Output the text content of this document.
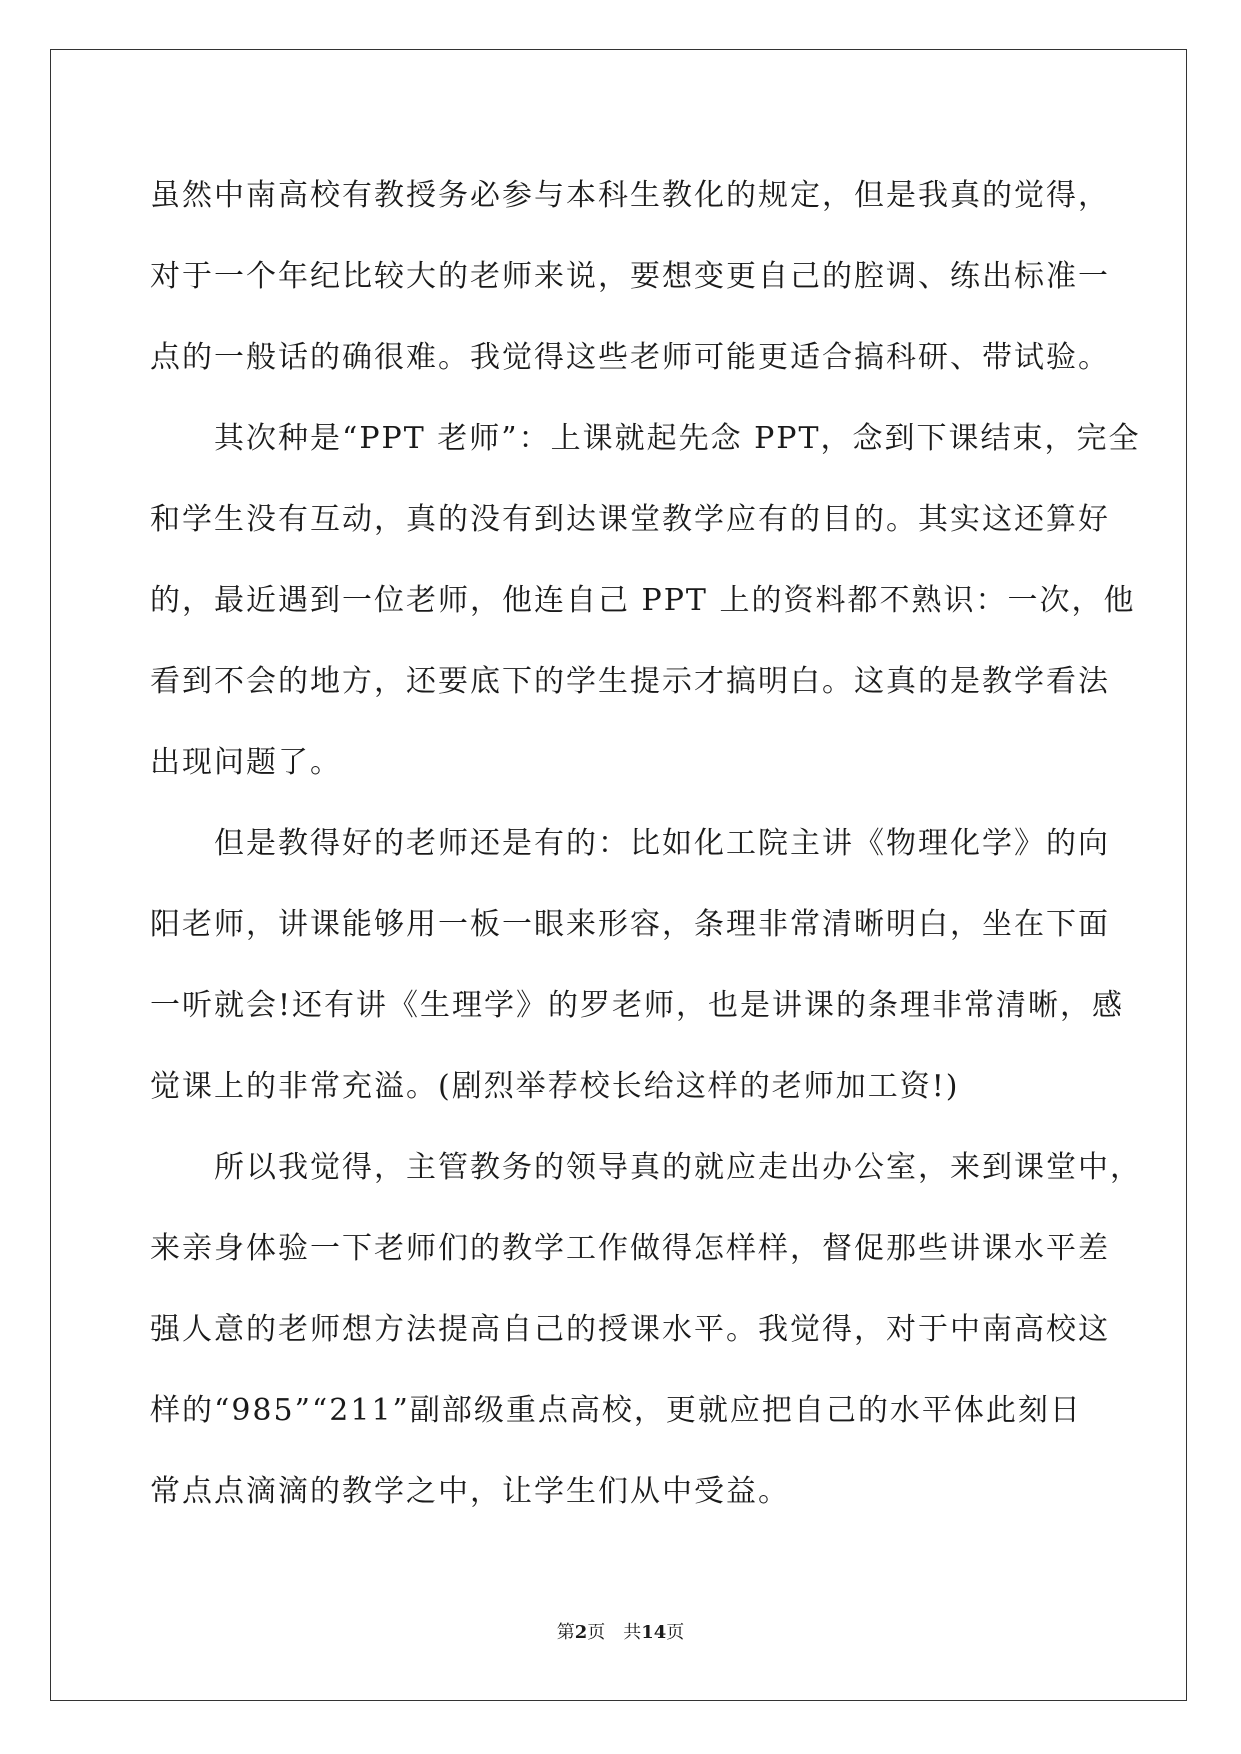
虽然中南高校有教授务必参与本科生教化的规定，但是我真的觉得，
对于一个年纪比较大的老师来说，要想变更自己的腔调、练出标准一
点的一般话的确很难。我觉得这些老师可能更适合搞科研、带试验。
其次种是“PPT 老师”：上课就起先念 PPT，念到下课结束，完全
和学生没有互动，真的没有到达课堂教学应有的目的。其实这还算好
的，最近遇到一位老师，他连自己 PPT 上的资料都不熟识：一次，他
看到不会的地方，还要底下的学生提示才搞明白。这真的是教学看法
出现问题了。
但是教得好的老师还是有的：比如化工院主讲《物理化学》的向
阳老师，讲课能够用一板一眼来形容，条理非常清晰明白，坐在下面
一听就会!还有讲《生理学》的罗老师，也是讲课的条理非常清晰，感
觉课上的非常充溢。(剧烈举荐校长给这样的老师加工资!)
所以我觉得，主管教务的领导真的就应走出办公室，来到课堂中，
来亲身体验一下老师们的教学工作做得怎样样，督促那些讲课水平差
强人意的老师想方法提高自己的授课水平。我觉得，对于中南高校这
样的“985”“211”副部级重点高校，更就应把自己的水平体此刻日
常点点滴滴的教学之中，让学生们从中受益。
第2页 共14页
